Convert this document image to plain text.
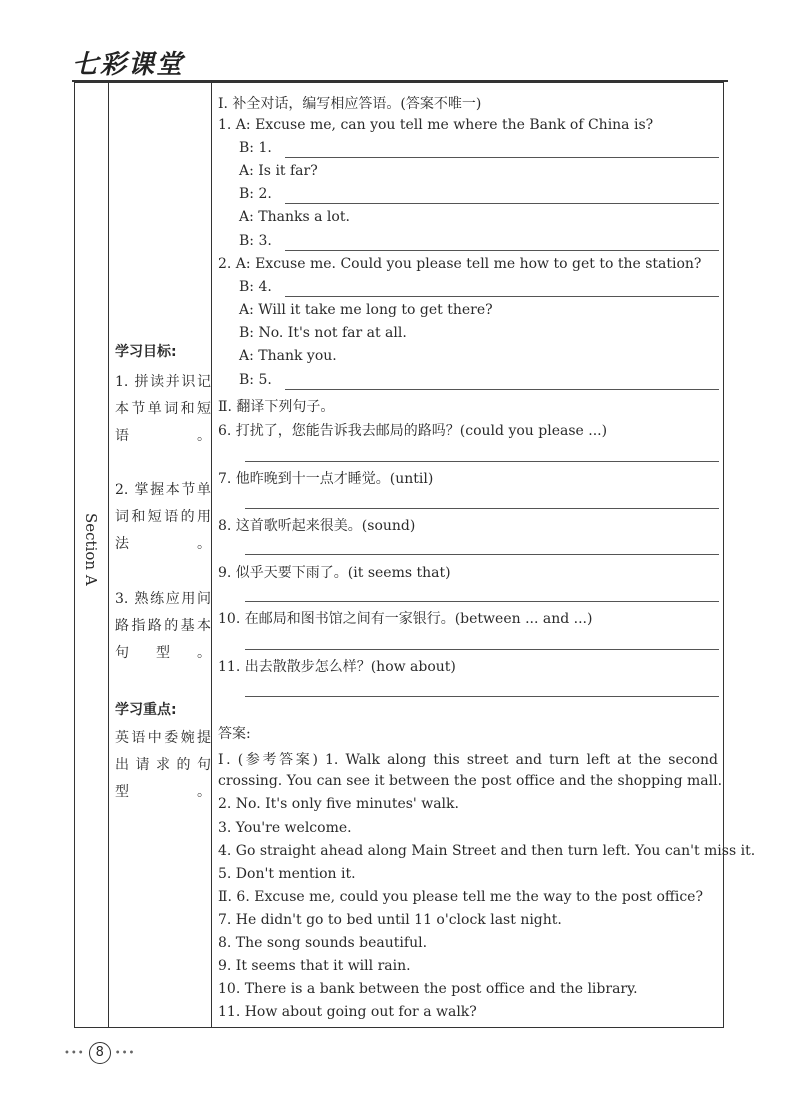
七彩课堂
Section A
学习目标:
1. 拼读并识记本节单词和短语。
2. 掌握本节单词和短语的用法。
3. 熟练应用问路指路的基本句型。
学习重点:
英语中委婉提出请求的句型。
Ⅰ. 补全对话，编写相应答语。(答案不唯一)
1. A: Excuse me, can you tell me where the Bank of China is?
B: 1.
A: Is it far?
B: 2.
A: Thanks a lot.
B: 3.
2. A: Excuse me. Could you please tell me how to get to the station?
B: 4.
A: Will it take me long to get there?
B: No. It's not far at all.
A: Thank you.
B: 5.
Ⅱ. 翻译下列句子。
6. 打扰了，您能告诉我去邮局的路吗？(could you please ...)
7. 他昨晚到十一点才睡觉。(until)
8. 这首歌听起来很美。(sound)
9. 似乎天要下雨了。(it seems that)
10. 在邮局和图书馆之间有一家银行。(between ... and ...)
11. 出去散散步怎么样？(how about)
答案:
Ⅰ. (参考答案) 1. Walk along this street and turn left at the second
crossing. You can see it between the post office and the shopping mall.
2. No. It's only five minutes' walk.
3. You're welcome.
4. Go straight ahead along Main Street and then turn left. You can't miss it.
5. Don't mention it.
Ⅱ. 6. Excuse me, could you please tell me the way to the post office?
7. He didn't go to bed until 11 o'clock last night.
8. The song sounds beautiful.
9. It seems that it will rain.
10. There is a bank between the post office and the library.
11. How about going out for a walk?
••• 8	•••
